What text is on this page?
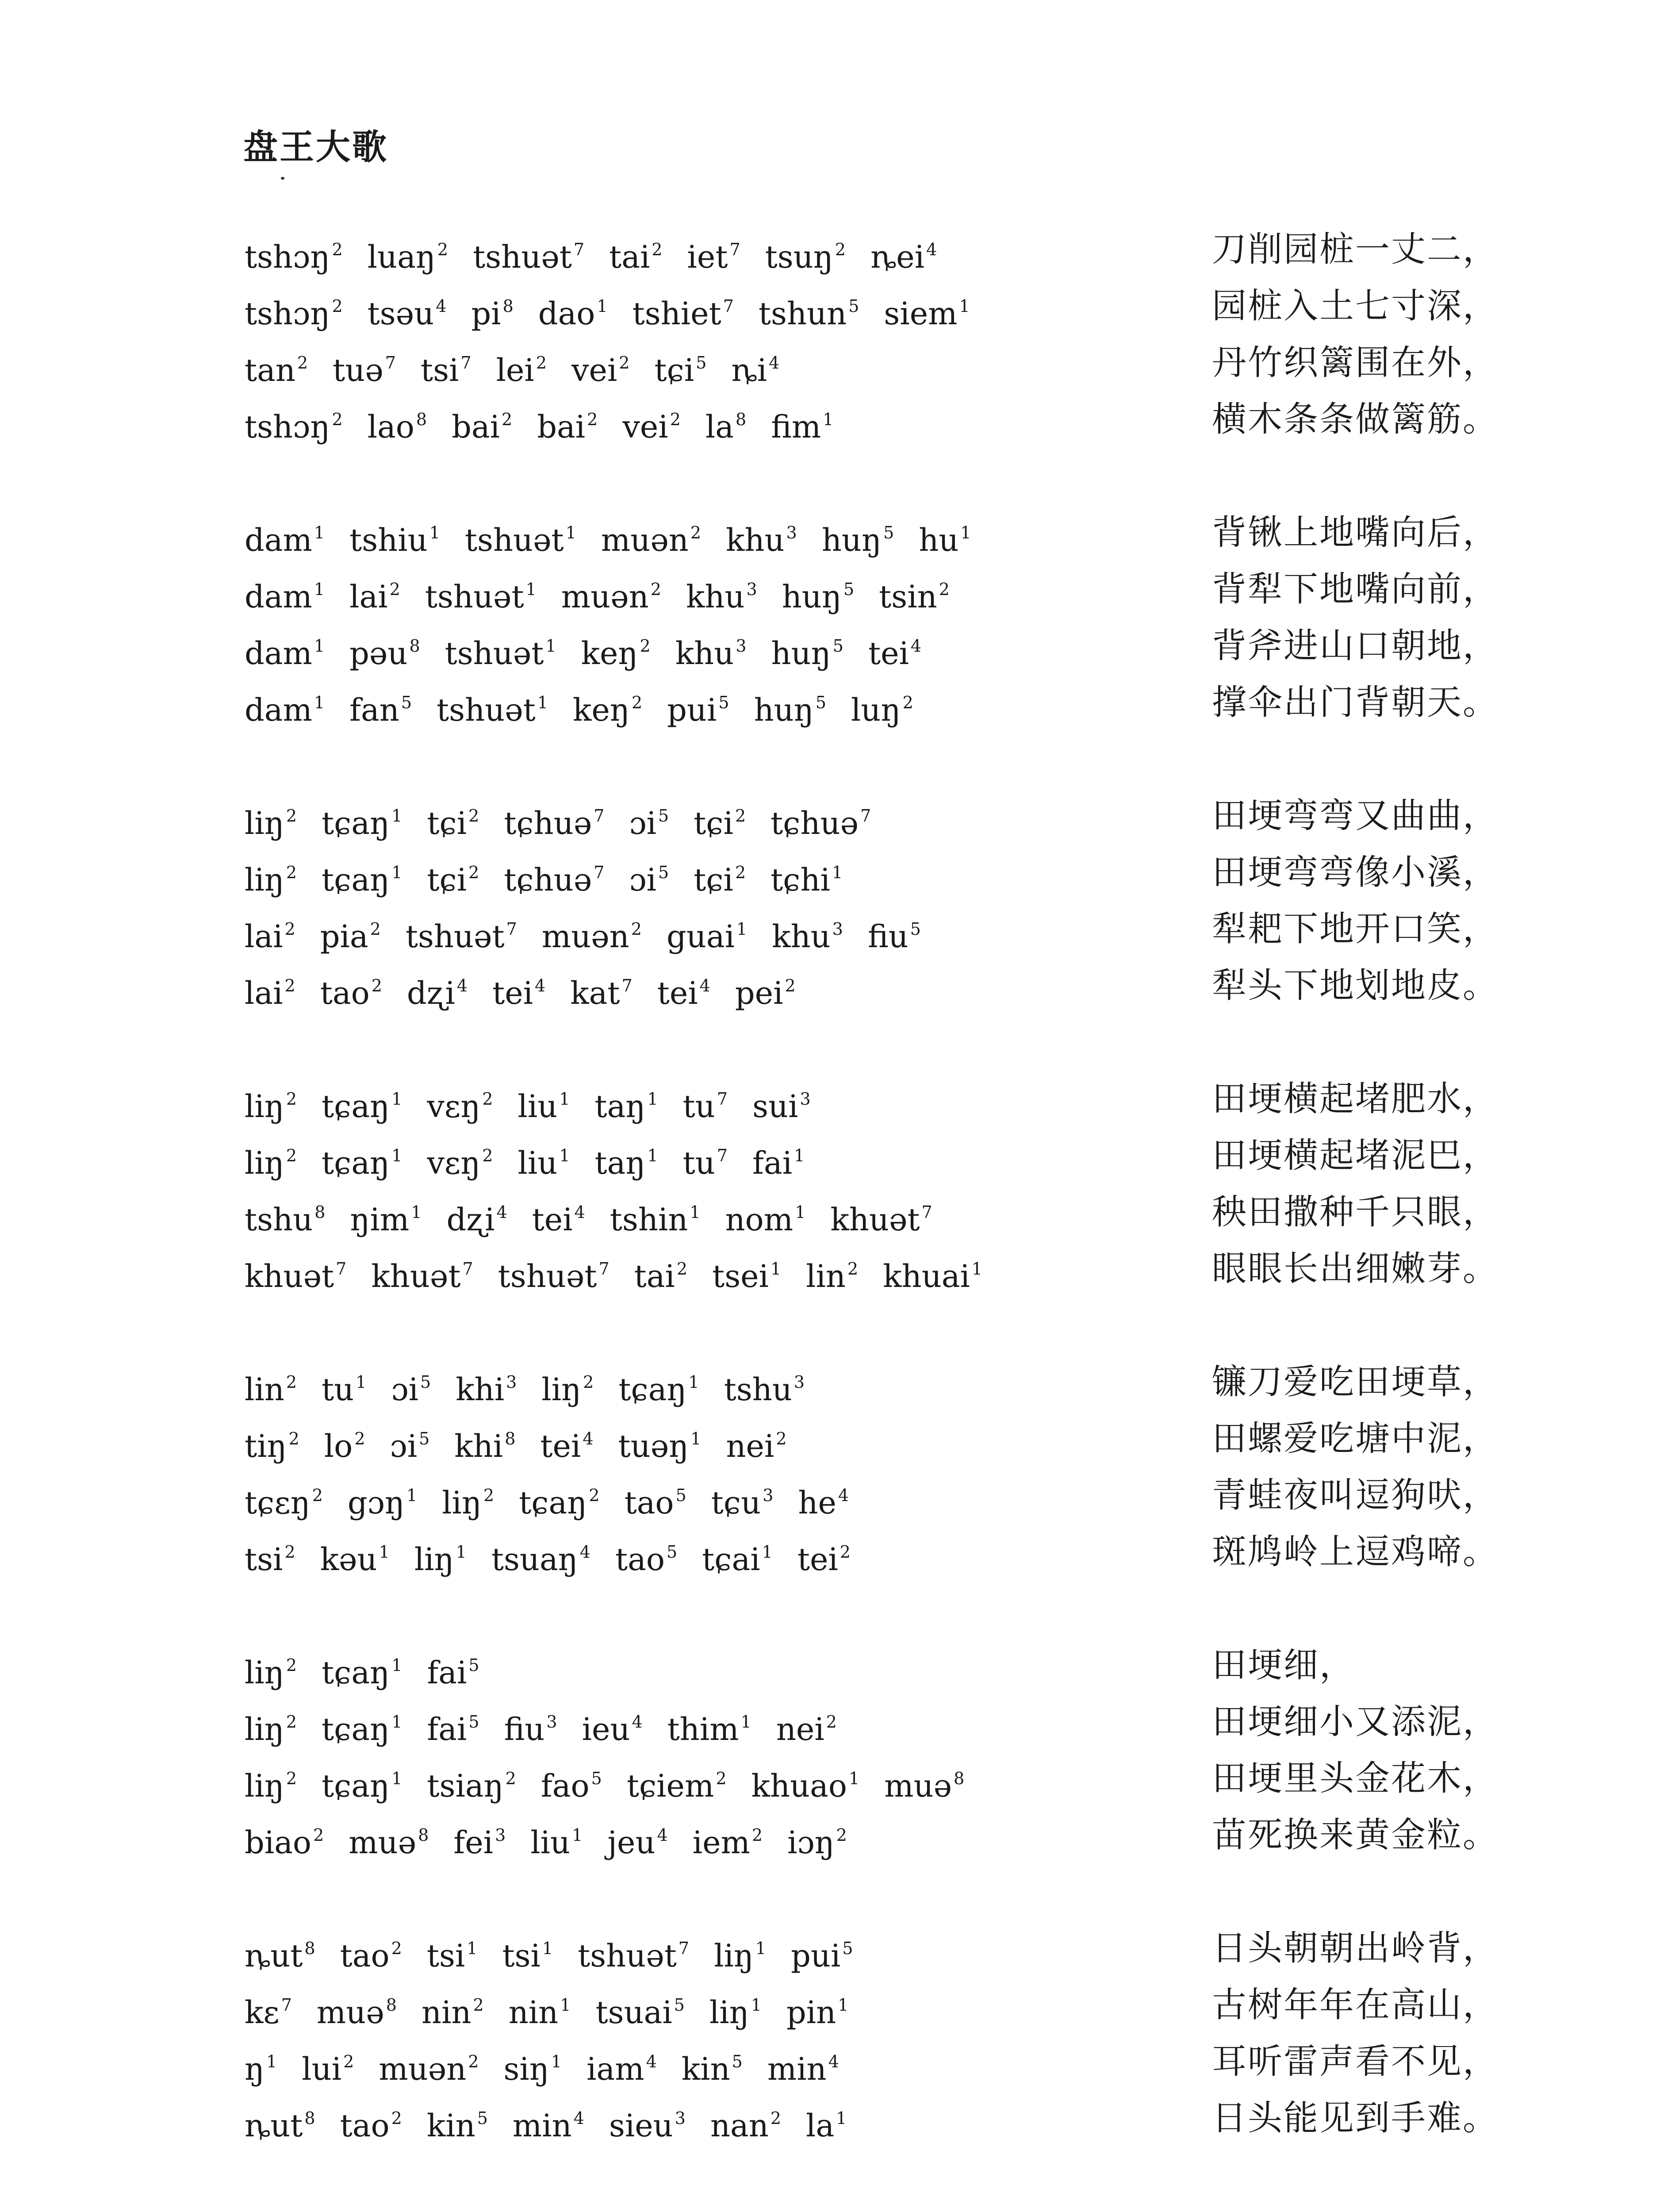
盘王大歌
tshɔŋ $^2$ luaŋ $^2$ tshuət $^7$ tai $^2$ iet $^7$ tsuŋ $^2$ ȵei $^4$	刀削园桩一丈二，
tshɔŋ $^2$ tsəu $^4$ pi $^8$ dao $^1$ tshiet $^7$ tshun $^5$ siem $^1$	园桩入土七寸深，
tan $^2$ tuə $^7$ tsi $^7$ lei $^2$ vei $^2$ tɕi $^5$ ȵi $^4$	丹竹织篱围在外，
tshɔŋ $^2$ lao $^8$ bai $^2$ bai $^2$ vei $^2$ la $^8$ fim $^1$	横木条条做篱筋。
dam $^1$ tshiu $^1$ tshuət $^1$ muən $^2$ khu $^3$ huŋ $^5$ hu $^1$	背锹上地嘴向后，
dam $^1$ lai $^2$ tshuət $^1$ muən $^2$ khu $^3$ huŋ $^5$ tsin $^2$	背犁下地嘴向前，
dam $^1$ pəu $^8$ tshuət $^1$ keŋ $^2$ khu $^3$ huŋ $^5$ tei $^4$	背斧进山口朝地，
dam $^1$ fan $^5$ tshuət $^1$ keŋ $^2$ pui $^5$ huŋ $^5$ luŋ $^2$	撑伞出门背朝天。
liŋ $^2$ tɕaŋ $^1$ tɕi $^2$ tɕhuə $^7$ ɔi $^5$ tɕi $^2$ tɕhuə $^7$	田埂弯弯又曲曲，
liŋ $^2$ tɕaŋ $^1$ tɕi $^2$ tɕhuə $^7$ ɔi $^5$ tɕi $^2$ tɕhi $^1$	田埂弯弯像小溪，
lai $^2$ pia $^2$ tshuət $^7$ muən $^2$ guai $^1$ khu $^3$ fiu $^5$	犁耙下地开口笑，
lai $^2$ tao $^2$ dʐi $^4$ tei $^4$ kat $^7$ tei $^4$ pei $^2$	犁头下地划地皮。
liŋ $^2$ tɕaŋ $^1$ vɛŋ $^2$ liu $^1$ taŋ $^1$ tu $^7$ sui $^3$	田埂横起堵肥水，
liŋ $^2$ tɕaŋ $^1$ vɛŋ $^2$ liu $^1$ taŋ $^1$ tu $^7$ fai $^1$	田埂横起堵泥巴，
tshu $^8$ ŋim $^1$ dʐi $^4$ tei $^4$ tshin $^1$ nom $^1$ khuət $^7$	秧田撒种千只眼，
khuət $^7$ khuət $^7$ tshuət $^7$ tai $^2$ tsei $^1$ lin $^2$ khuai $^1$	眼眼长出细嫩芽。
lin $^2$ tu $^1$ ɔi $^5$ khi $^3$ liŋ $^2$ tɕaŋ $^1$ tshu $^3$	镰刀爱吃田埂草，
tiŋ $^2$ lo $^2$ ɔi $^5$ khi $^8$ tei $^4$ tuəŋ $^1$ nei $^2$	田螺爱吃塘中泥，
tɕɛŋ $^2$ gɔŋ $^1$ liŋ $^2$ tɕaŋ $^2$ tao $^5$ tɕu $^3$ he $^4$	青蛙夜叫逗狗吠，
tsi $^2$ kəu $^1$ liŋ $^1$ tsuaŋ $^4$ tao $^5$ tɕai $^1$ tei $^2$	斑鸠岭上逗鸡啼。
liŋ $^2$ tɕaŋ $^1$ fai $^5$	田埂细，
liŋ $^2$ tɕaŋ $^1$ fai $^5$ fiu $^3$ ieu $^4$ thim $^1$ nei $^2$	田埂细小又添泥，
liŋ $^2$ tɕaŋ $^1$ tsiaŋ $^2$ fao $^5$ tɕiem $^2$ khuao $^1$ muə $^8$	田埂里头金花木，
biao $^2$ muə $^8$ fei $^3$ liu $^1$ jeu $^4$ iem $^2$ iɔŋ $^2$	苗死换来黄金粒。
ȵut $^8$ tao $^2$ tsi $^1$ tsi $^1$ tshuət $^7$ liŋ $^1$ pui $^5$	日头朝朝出岭背，
kɛ $^7$ muə $^8$ nin $^2$ nin $^1$ tsuai $^5$ liŋ $^1$ pin $^1$	古树年年在高山，
ŋ $^1$ lui $^2$ muən $^2$ siŋ $^1$ iam $^4$ kin $^5$ min $^4$	耳听雷声看不见，
ȵut $^8$ tao $^2$ kin $^5$ min $^4$ sieu $^3$ nan $^2$ la $^1$	日头能见到手难。
